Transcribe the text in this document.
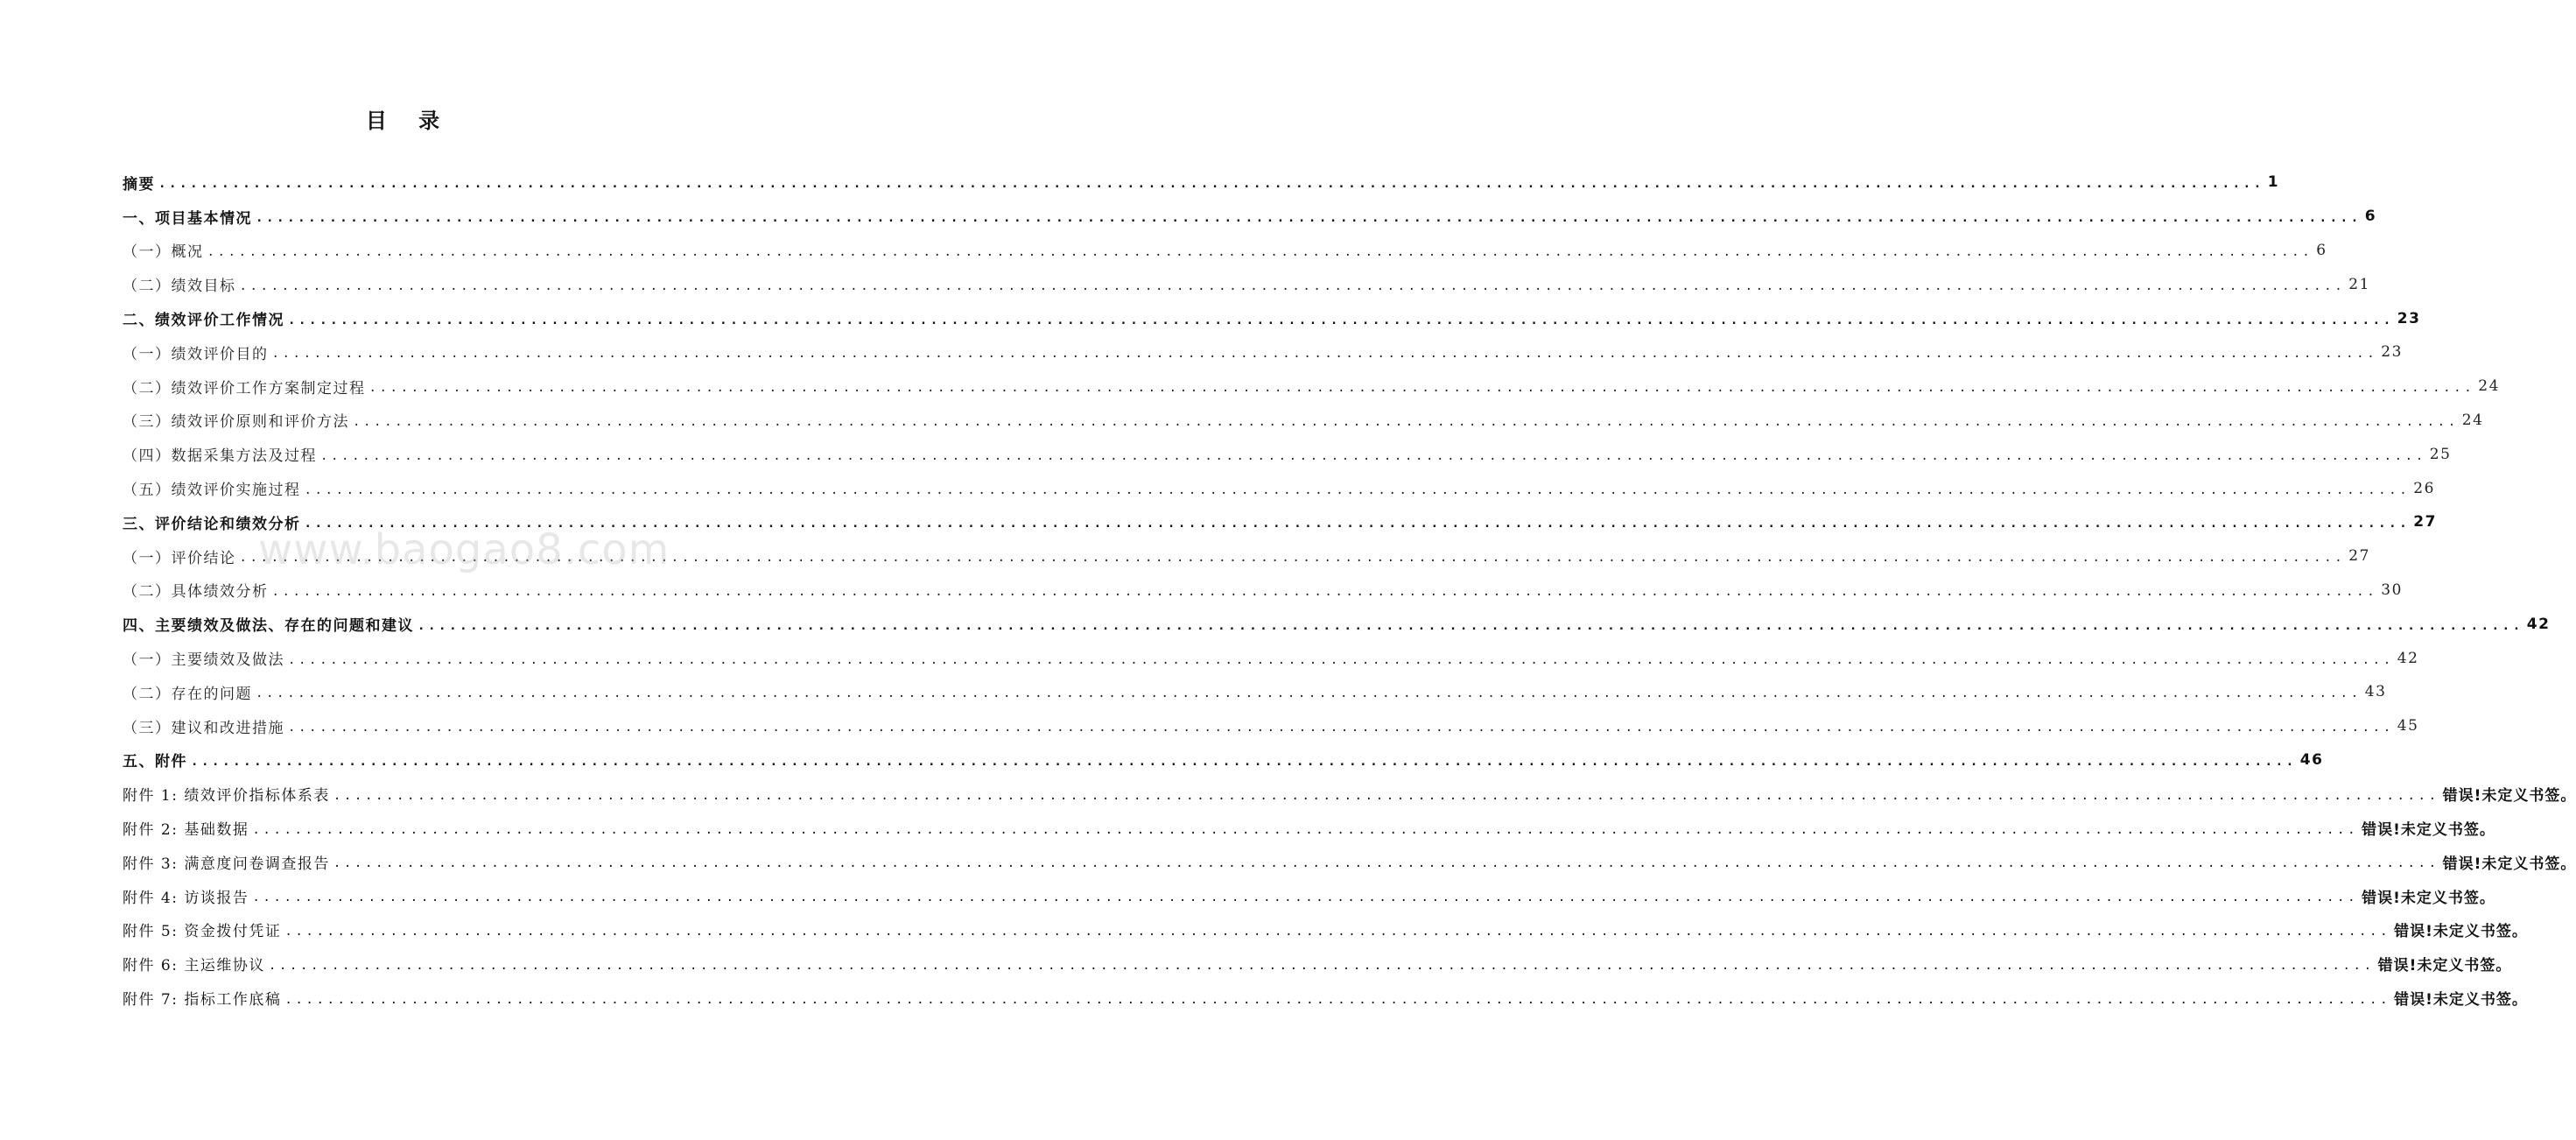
目 录
摘要 ........................................................................................................................................................................................................ 1
一、项目基本情况 ........................................................................................................................................................................................................ 6
（一）概况 ........................................................................................................................................................................................................ 6
（二）绩效目标 ........................................................................................................................................................................................................ 21
二、绩效评价工作情况 ........................................................................................................................................................................................................ 23
（一）绩效评价目的 ........................................................................................................................................................................................................ 23
（二）绩效评价工作方案制定过程 ........................................................................................................................................................................................................ 24
（三）绩效评价原则和评价方法 ........................................................................................................................................................................................................ 24
（四）数据采集方法及过程 ........................................................................................................................................................................................................ 25
（五）绩效评价实施过程 ........................................................................................................................................................................................................ 26
三、评价结论和绩效分析 ........................................................................................................................................................................................................ 27
（一）评价结论 ........................................................................................................................................................................................................ 27
（二）具体绩效分析 ........................................................................................................................................................................................................ 30
四、主要绩效及做法、存在的问题和建议 ........................................................................................................................................................................................................ 42
（一）主要绩效及做法 ........................................................................................................................................................................................................ 42
（二）存在的问题 ........................................................................................................................................................................................................ 43
（三）建议和改进措施 ........................................................................................................................................................................................................ 45
五、附件 ........................................................................................................................................................................................................ 46
附件 1: 绩效评价指标体系表 ........................................................................................................................................................................................................ 错误!未定义书签。
附件 2: 基础数据 ........................................................................................................................................................................................................ 错误!未定义书签。
附件 3: 满意度问卷调查报告 ........................................................................................................................................................................................................ 错误!未定义书签。
附件 4: 访谈报告 ........................................................................................................................................................................................................ 错误!未定义书签。
附件 5: 资金拨付凭证 ........................................................................................................................................................................................................ 错误!未定义书签。
附件 6: 主运维协议 ........................................................................................................................................................................................................ 错误!未定义书签。
附件 7: 指标工作底稿 ........................................................................................................................................................................................................ 错误!未定义书签。
www.baogao8.com
